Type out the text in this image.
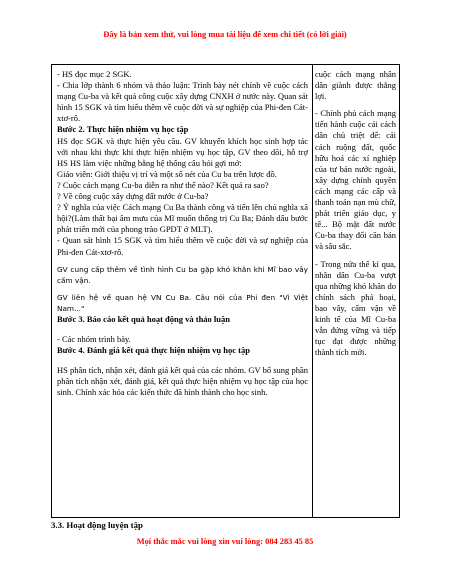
Đây là bản xem thử, vui lòng mua tài liệu để xem chi tiết (có lời giải)

- HS đọc mục 2 SGK.

- Chia lớp thành 6 nhóm và thảo luận: Trình bày nét chính về cuộc cách mạng Cu-ba và kết quả công cuộc xây dựng CNXH ở nước này. Quan sát hình 15 SGK và tìm hiểu thêm về cuộc đời và sự nghiệp của Phi-đen Cát-xtơ-rô.

Bước 2. Thực hiện nhiệm vụ học tập

HS đọc SGK và thực hiện yêu cầu. GV khuyến khích học sinh hợp tác với nhau khi thực khi thực hiện nhiệm vụ học tập, GV theo dõi, hỗ trợ HS HS làm việc những bằng hệ thống câu hỏi gợi mở:

Giáo viên: Giới thiệu vị trí và một số nét của Cu ba trên lược đồ.

? Cuộc cách mạng Cu-ba diễn ra như thế nào? Kết quả ra sao?

? Về công cuộc xây dựng đất nước ở Cu-ba?

? Ý nghĩa của việc Cách mạng Cu Ba thành công và tiến lên chủ nghĩa xã hội?(Làm thất bại âm mưu của Mĩ muốn thống trị Cu Ba; Đánh dấu bước phát triển mới của phong trào GPDT ở MLT).

- Quan sát hình 15 SGK và tìm hiểu thêm về cuộc đời và sự nghiệp của Phi-đen Cát-xtơ-rô.

GV cung cấp thêm về tình hình Cu ba gặp khó khăn khi Mĩ bao vây cấm vận.

GV liên hệ về quan hệ VN Cu Ba. Câu nói của Phi đen "Vì Việt Nam..."

Bước 3. Báo cáo kết quả hoạt động và thảo luận

- Các nhóm trình bày.

Bước 4. Đánh giá kết quả thực hiện nhiệm vụ học tập

HS phân tích, nhận xét, đánh giá kết quả của các nhóm. GV bổ sung phần phân tích nhận xét, đánh giá, kết quả thực hiện nhiệm vụ học tập của học sinh. Chính xác hóa các kiến thức đã hình thành cho học sinh.

cuộc cách mạng nhân dân giành được thắng lợi.

- Chính phủ cách mạng tiến hành cuộc cải cách dân chủ triệt để: cải cách ruộng đất, quốc hữu hoá các xí nghiệp của tư bản nước ngoài, xây dựng chính quyền cách mạng các cấp và thanh toán nạn mù chữ, phát triển giáo dục, y tế... Bộ mặt đất nước Cu-ba thay đổi căn bản và sâu sắc.

- Trong nửa thế kỉ qua, nhân dân Cu-ba vượt qua những khó khăn do chính sách phá hoại, bao vây, cấm vận về kinh tế của Mĩ Cu-ba vẫn đứng vững và tiếp tục đạt được những thành tích mới.

3.3. Hoạt động luyện tập
Mọi thắc mắc vui lòng xin vui lòng: 084 283 45 85
